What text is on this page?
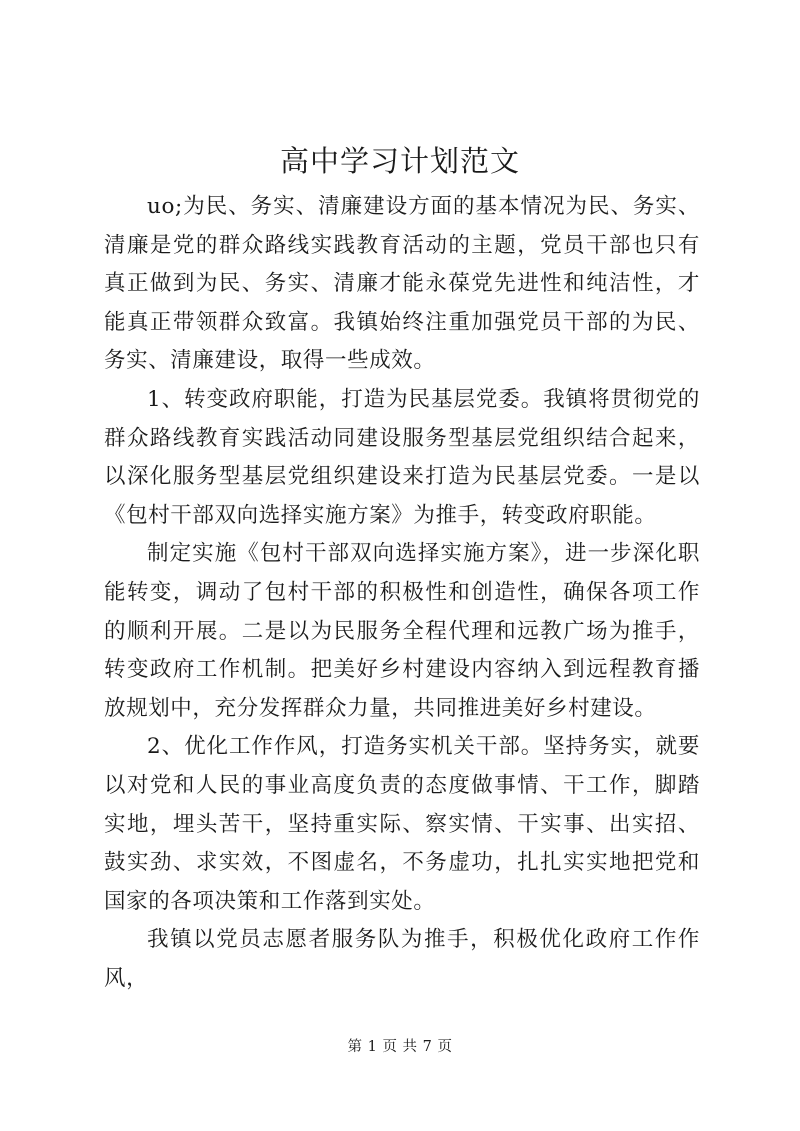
高中学习计划范文

uo;为民、务实、清廉建设方面的基本情况为民、务实、清廉是党的群众路线实践教育活动的主题，党员干部也只有真正做到为民、务实、清廉才能永葆党先进性和纯洁性，才能真正带领群众致富。我镇始终注重加强党员干部的为民、务实、清廉建设，取得一些成效。

1、转变政府职能，打造为民基层党委。我镇将贯彻党的群众路线教育实践活动同建设服务型基层党组织结合起来，以深化服务型基层党组织建设来打造为民基层党委。一是以《包村干部双向选择实施方案》为推手，转变政府职能。

制定实施《包村干部双向选择实施方案》，进一步深化职能转变，调动了包村干部的积极性和创造性，确保各项工作的顺利开展。二是以为民服务全程代理和远教广场为推手，转变政府工作机制。把美好乡村建设内容纳入到远程教育播放规划中，充分发挥群众力量，共同推进美好乡村建设。

2、优化工作作风，打造务实机关干部。坚持务实，就要以对党和人民的事业高度负责的态度做事情、干工作，脚踏实地，埋头苦干，坚持重实际、察实情、干实事、出实招、鼓实劲、求实效，不图虚名，不务虚功，扎扎实实地把党和国家的各项决策和工作落到实处。

我镇以党员志愿者服务队为推手，积极优化政府工作作风，

第 1 页 共 7 页
